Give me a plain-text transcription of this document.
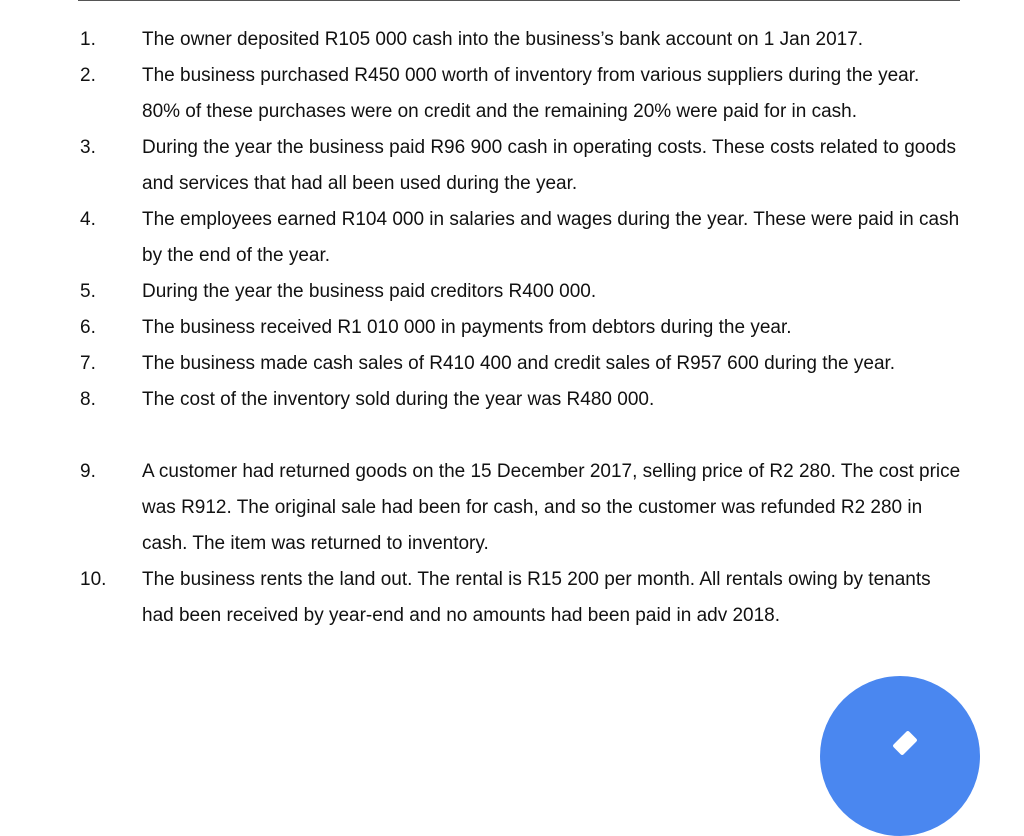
1.	The owner deposited R105 000 cash into the business’s bank account on 1 Jan 2017.
2.	The business purchased R450 000 worth of inventory from various suppliers during the year. 80% of these purchases were on credit and the remaining 20% were paid for in cash.
3.	During the year the business paid R96 900 cash in operating costs. These costs related to goods and services that had all been used during the year.
4.	The employees earned R104 000 in salaries and wages during the year. These were paid in cash by the end of the year.
5.	During the year the business paid creditors R400 000.
6.	The business received R1 010 000 in payments from debtors during the year.
7.	The business made cash sales of R410 400 and credit sales of R957 600 during the year.
8.	The cost of the inventory sold during the year was R480 000.
9.	A customer had returned goods on the 15 December 2017, selling price of R2 280. The cost price was R912. The original sale had been for cash, and so the customer was refunded R2 280 in cash. The item was returned to inventory.
10.	The business rents the land out. The rental is R15 200 per month. All rentals owing by tenants had been received by year-end and no amounts had been paid in adv 2018.
